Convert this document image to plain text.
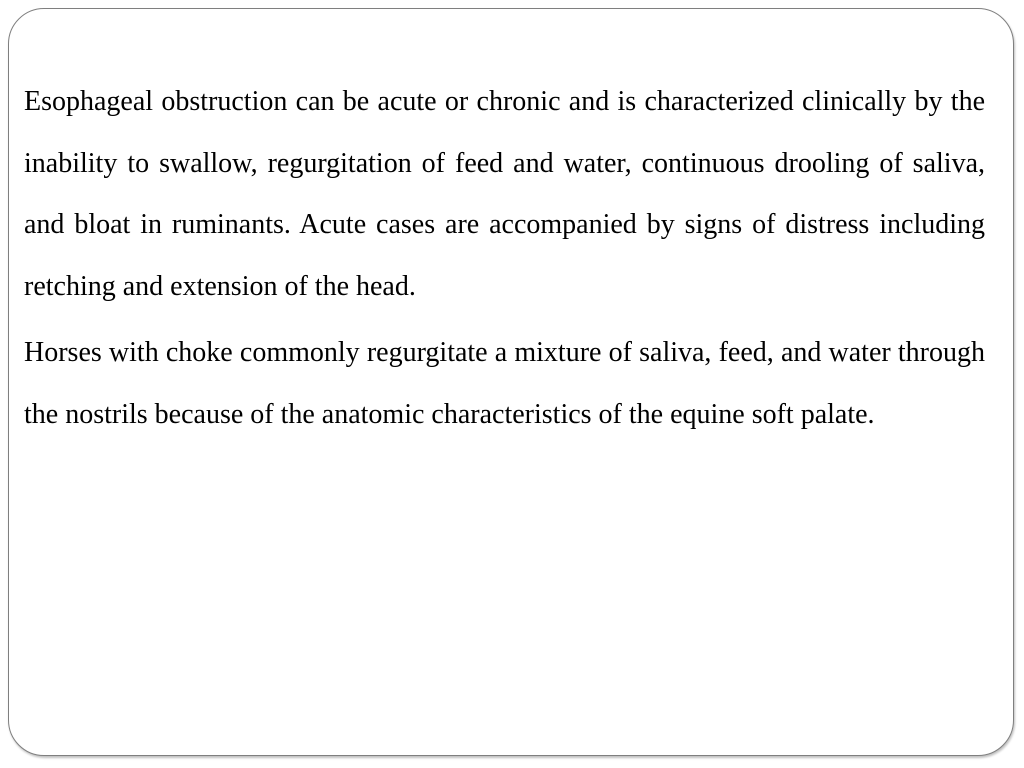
Esophageal obstruction can be acute or chronic and is characterized clinically by the inability to swallow, regurgitation of feed and water, continuous drooling of saliva, and bloat in ruminants. Acute cases are accompanied by signs of distress including retching and extension of the head.

Horses with choke commonly regurgitate a mixture of saliva, feed, and water through the nostrils because of the anatomic characteristics of the equine soft palate.
